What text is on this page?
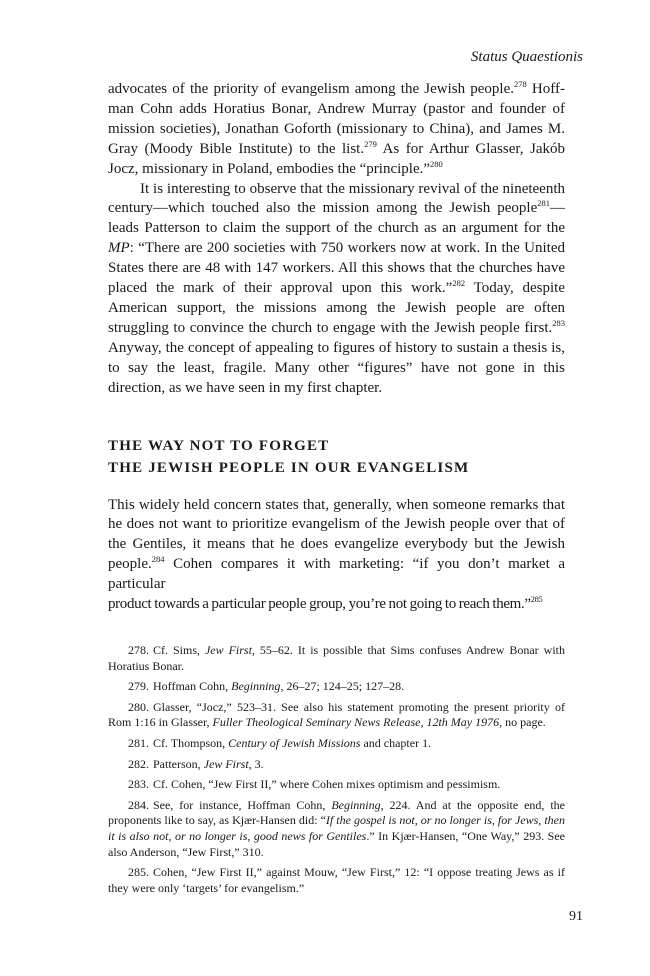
Status Quaestionis

advocates of the priority of evangelism among the Jewish people.$^{278}$ Hoffman Cohn adds Horatius Bonar, Andrew Murray (pastor and founder of mission societies), Jonathan Goforth (missionary to China), and James M. Gray (Moody Bible Institute) to the list.$^{279}$ As for Arthur Glasser, Jakób Jocz, missionary in Poland, embodies the “principle.”$^{280}$

It is interesting to observe that the missionary revival of the nineteenth century—which touched also the mission among the Jewish people$^{281}$—leads Patterson to claim the support of the church as an argument for the MP: “There are 200 societies with 750 workers now at work. In the United States there are 48 with 147 workers. All this shows that the churches have placed the mark of their approval upon this work.”$^{282}$ Today, despite American support, the missions among the Jewish people are often struggling to convince the church to engage with the Jewish people first.$^{283}$ Anyway, the concept of appealing to figures of history to sustain a thesis is, to say the least, fragile. Many other “figures” have not gone in this direction, as we have seen in my first chapter.

THE WAY NOT TO FORGET
THE JEWISH PEOPLE IN OUR EVANGELISM

This widely held concern states that, generally, when someone remarks that he does not want to prioritize evangelism of the Jewish people over that of the Gentiles, it means that he does evangelize everybody but the Jewish people.$^{284}$ Cohen compares it with marketing: “if you don’t market a particular product towards a particular people group, you’re not going to reach them.”$^{285}$

278. Cf. Sims, Jew First, 55–62. It is possible that Sims confuses Andrew Bonar with Horatius Bonar.

279. Hoffman Cohn, Beginning, 26–27; 124–25; 127–28.

280. Glasser, “Jocz,” 523–31. See also his statement promoting the present priority of Rom 1:16 in Glasser, Fuller Theological Seminary News Release, 12th May 1976, no page.

281. Cf. Thompson, Century of Jewish Missions and chapter 1.

282. Patterson, Jew First, 3.

283. Cf. Cohen, “Jew First II,” where Cohen mixes optimism and pessimism.

284. See, for instance, Hoffman Cohn, Beginning, 224. And at the opposite end, the proponents like to say, as Kjær-Hansen did: “If the gospel is not, or no longer is, for Jews, then it is also not, or no longer is, good news for Gentiles.” In Kjær-Hansen, “One Way,” 293. See also Anderson, “Jew First,” 310.

285. Cohen, “Jew First II,” against Mouw, “Jew First,” 12: “I oppose treating Jews as if they were only ‘targets’ for evangelism.”

91
